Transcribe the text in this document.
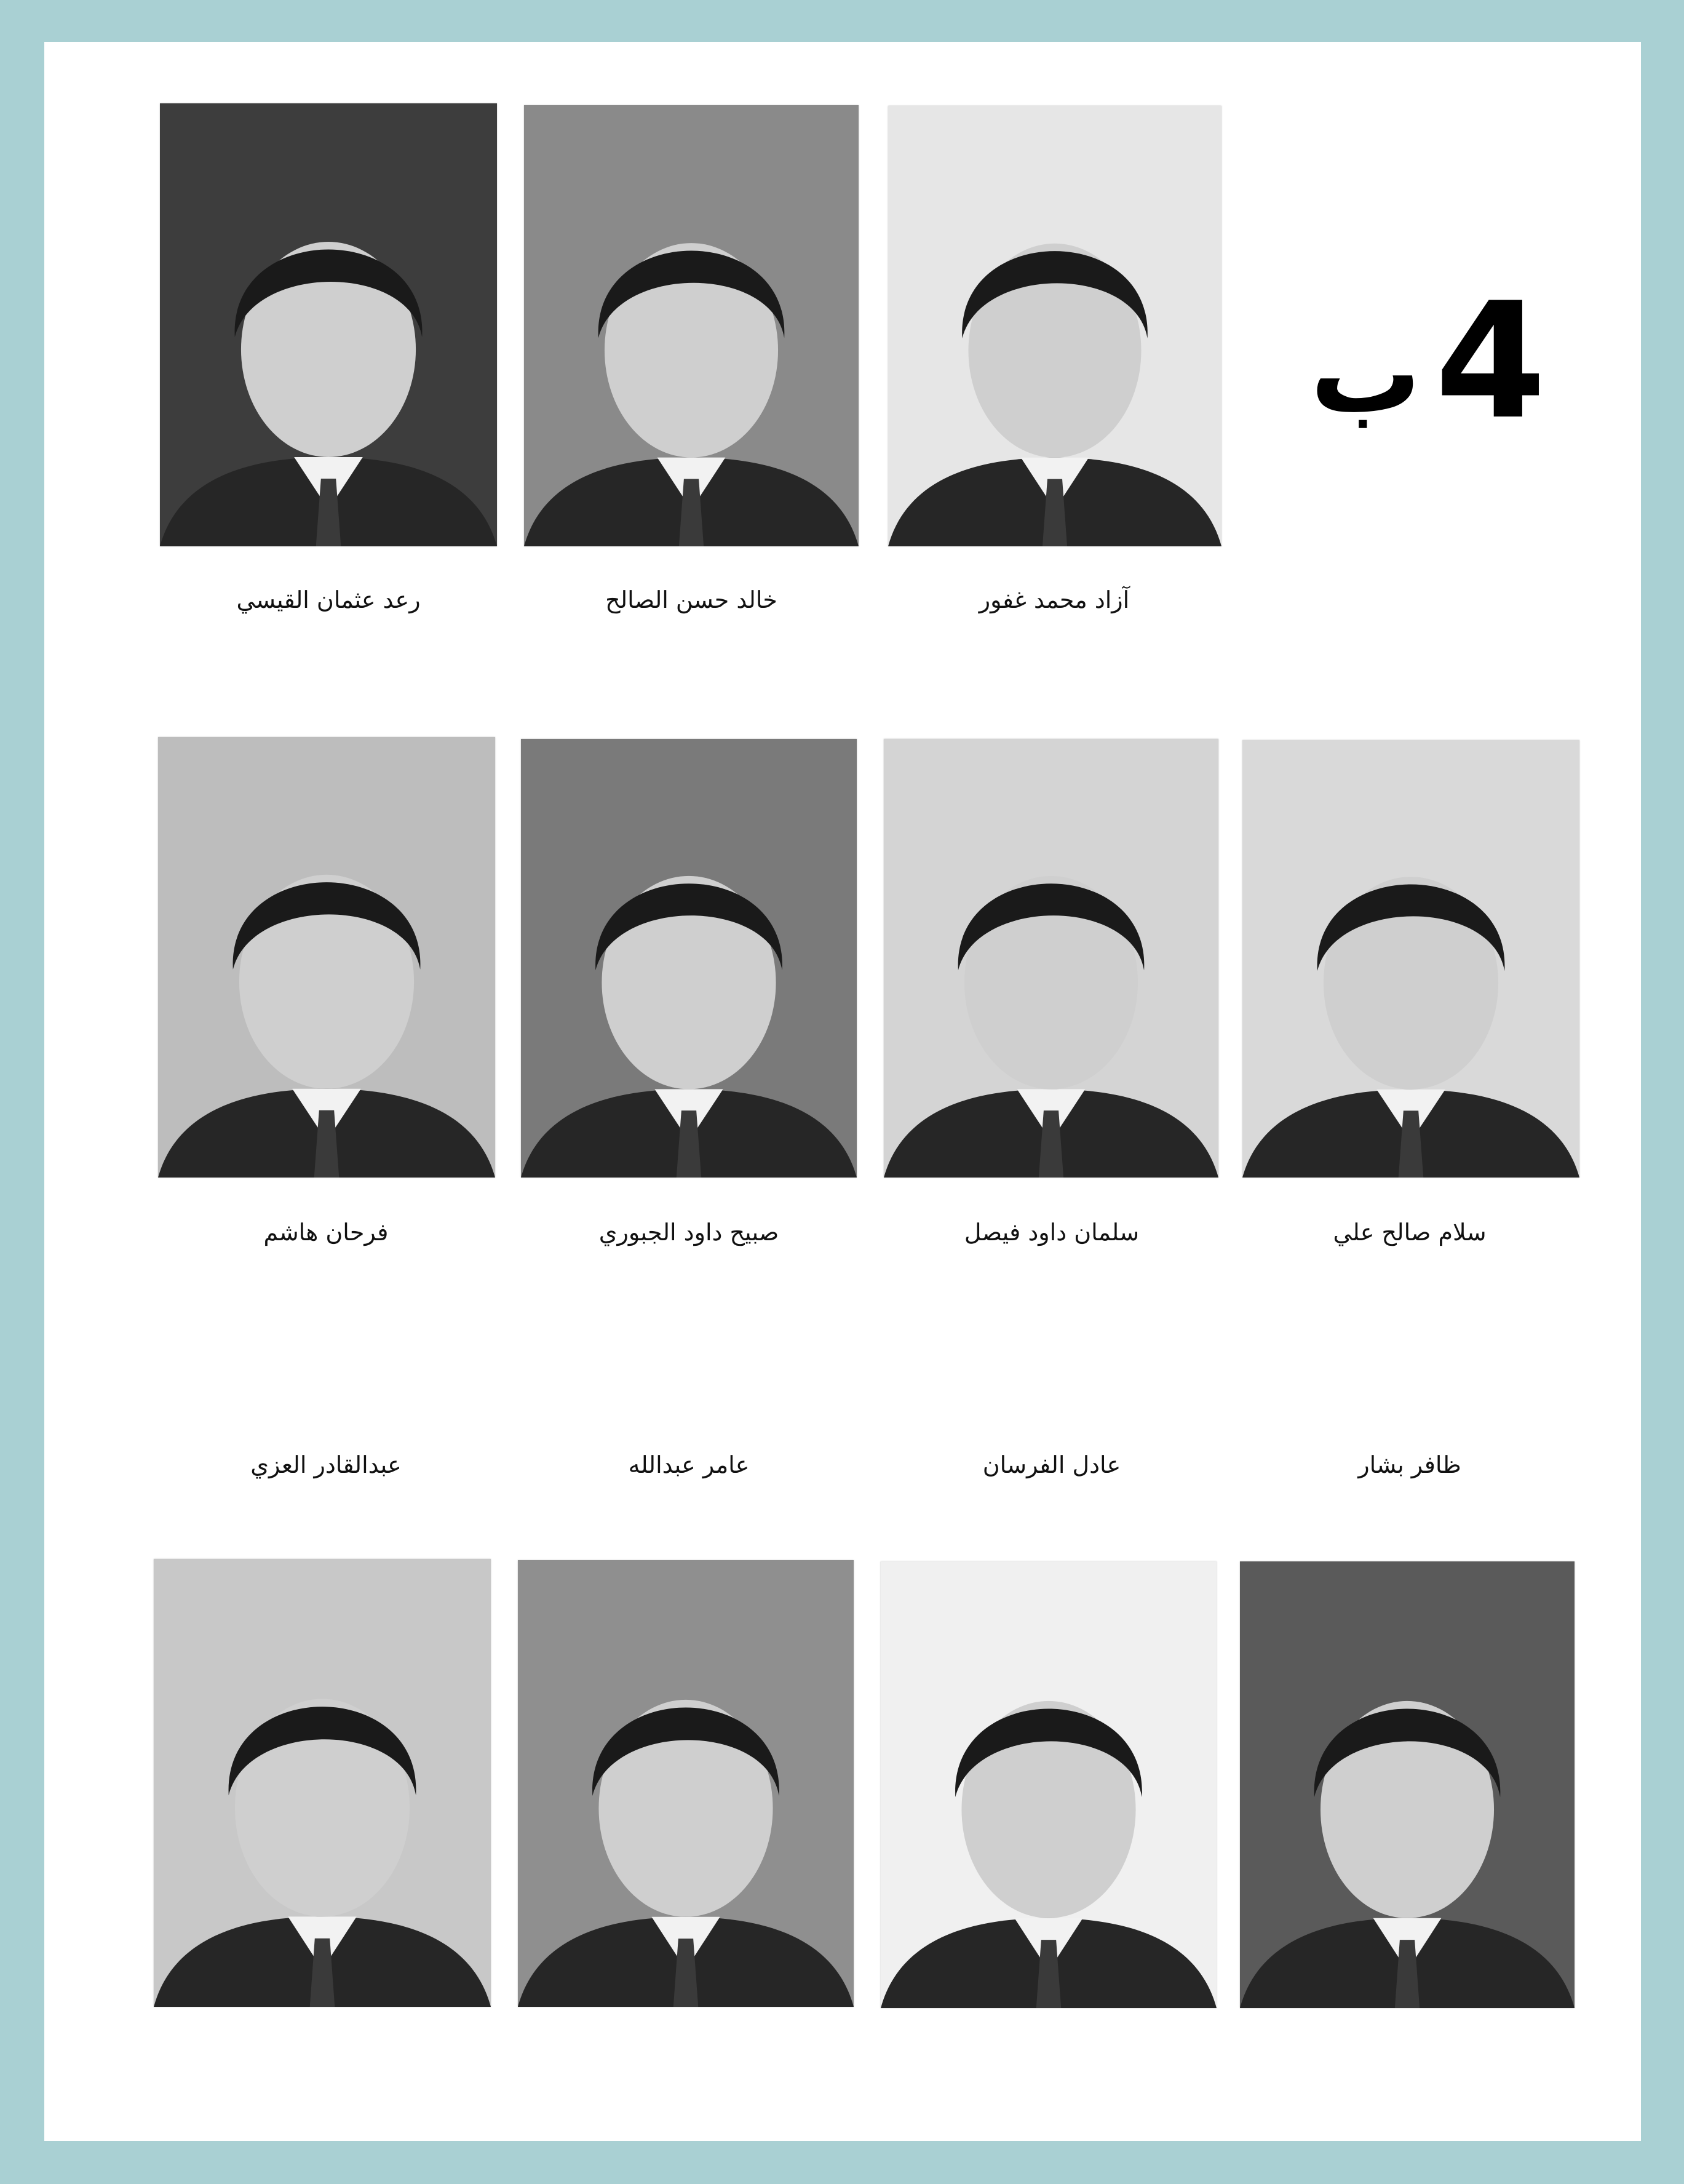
4
ب
رعد عثمان القيسي	خالد حسن الصالح	آزاد محمد غفور
فرحان هاشم	صبيح داود الجبوري	سلمان داود فيصل	سلام صالح علي
عبدالقادر العزي	عامر عبدالله	عادل الفرسان	ظافر بشار
